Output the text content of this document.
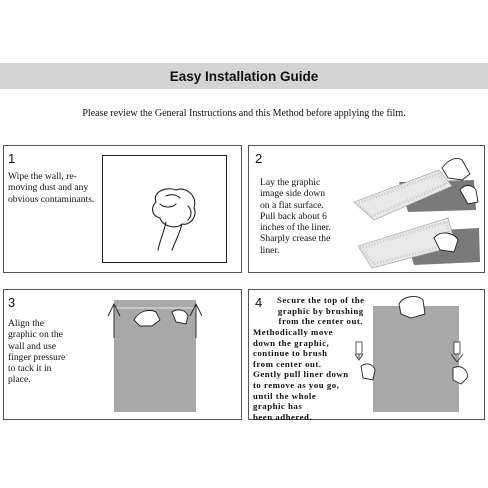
Easy Installation Guide
Please review the General Instructions and this Method before applying the film.
1
Wipe the wall, re-
moving dust and any
obvious contaminants.
2
Lay the graphic
image side down
on a flat surface.
Pull back about 6
inches of the liner.
Sharply crease the
liner.
3
Align the
graphic on the
wall and use
finger pressure
to tack it in
place.
4 Secure the top of the
graphic by brushing
from the center out.
Methodically move
down the graphic,
continue to brush
from center out.
Gently pull liner down
to remove as you go,
until the whole
graphic has
been adhered.
